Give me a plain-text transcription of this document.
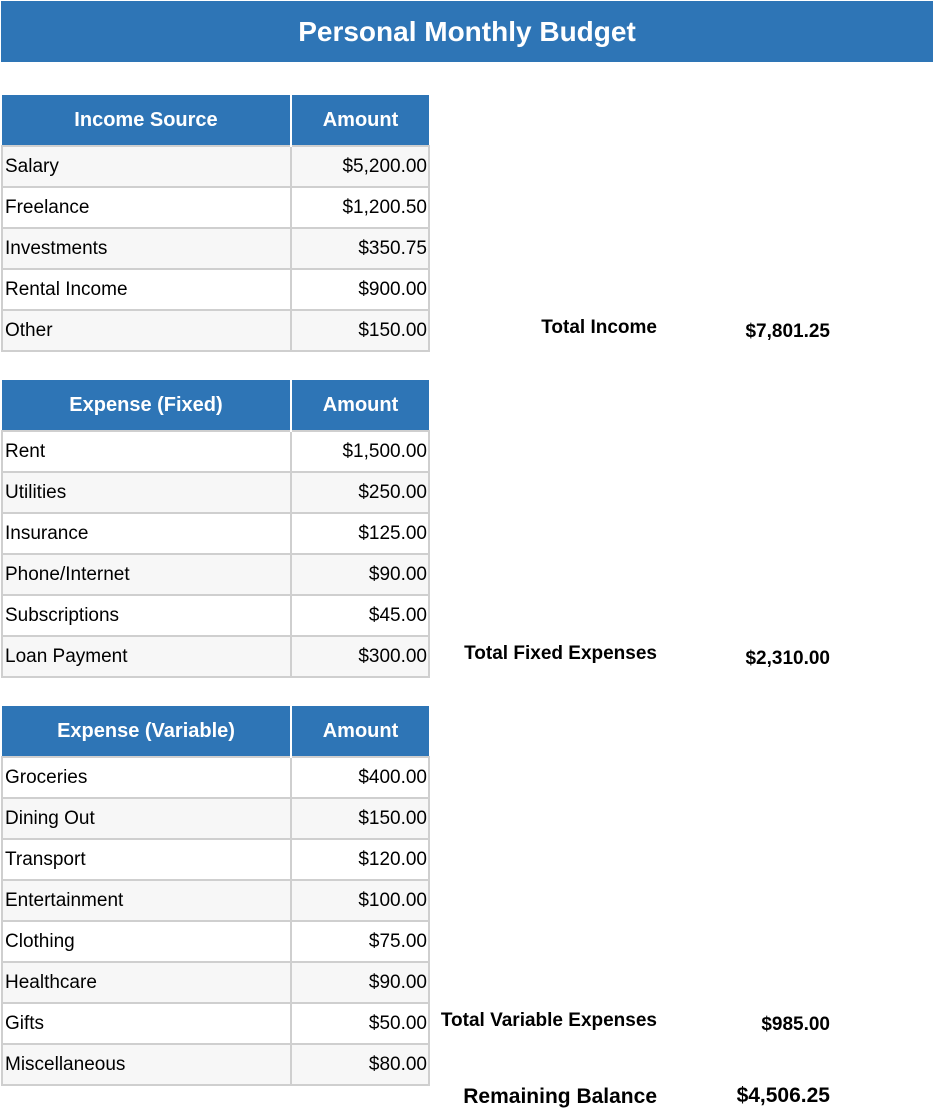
Personal Monthly Budget
Income Source	Amount
Salary	$5,200.00
Freelance	$1,200.50
Investments	$350.75
Rental Income	$900.00
Other	$150.00	Total Income	$7,801.25
Expense (Fixed)	Amount
Rent	$1,500.00
Utilities	$250.00
Insurance	$125.00
Phone/Internet	$90.00
Subscriptions	$45.00
Loan Payment	$300.00 Total Fixed Expenses	$2,310.00
Expense (Variable)	Amount
Groceries	$400.00
Dining Out	$150.00
Transport	$120.00
Entertainment	$100.00
Clothing	$75.00
Healthcare	$90.00
Gifts	$50.00
Miscellaneous	$80.00
Total Variable Expenses	$985.00
Remaining Balance	$4,506.25
